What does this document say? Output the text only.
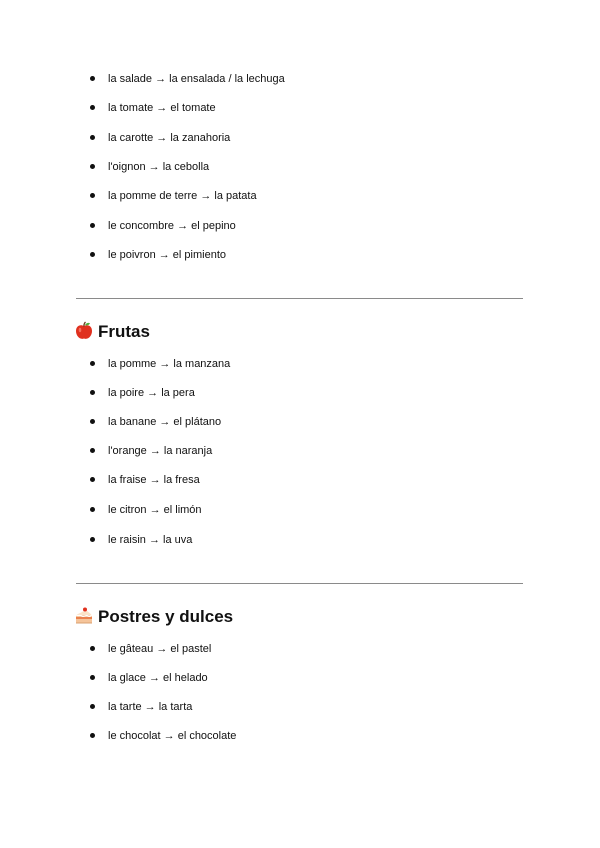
la salade → la ensalada / la lechuga
la tomate → el tomate
la carotte → la zanahoria
l'oignon → la cebolla
la pomme de terre → la patata
le concombre → el pepino
le poivron → el pimiento
Frutas
la pomme → la manzana
la poire → la pera
la banane → el plátano
l'orange → la naranja
la fraise → la fresa
le citron → el limón
le raisin → la uva
Postres y dulces
le gâteau → el pastel
la glace → el helado
la tarte → la tarta
le chocolat → el chocolate
